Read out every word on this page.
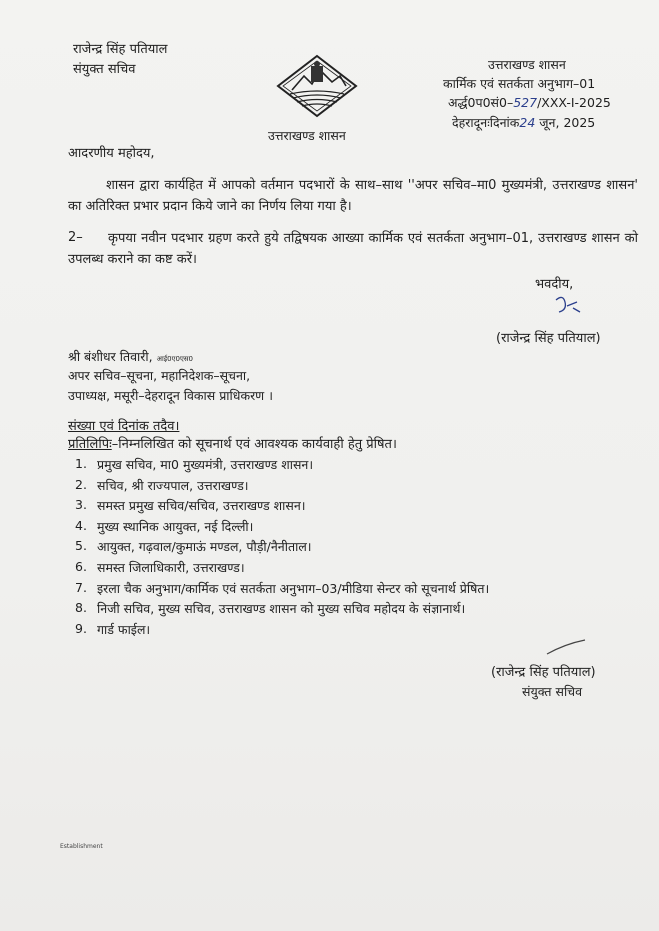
राजेन्द्र सिंह पतियाल
संयुक्त सचिव
उत्तराखण्ड शासन
उत्तराखण्ड शासन
कार्मिक एवं सतर्कता अनुभाग–01
अर्द्ध0प0सं0–527/XXX-I-2025
देहरादूनःदिनांक24 जून, 2025
आदरणीय महोदय,
शासन द्वारा कार्यहित में आपको वर्तमान पदभारों के साथ–साथ ''अपर सचिव–मा0 मुख्यमंत्री, उत्तराखण्ड शासन' का अतिरिक्त प्रभार प्रदान किये जाने का निर्णय लिया गया है।
2–	कृपया नवीन पदभार ग्रहण करते हुये तद्विषयक आख्या कार्मिक एवं सतर्कता अनुभाग–01, उत्तराखण्ड शासन को उपलब्ध कराने का कष्ट करें।
भवदीय,
(राजेन्द्र सिंह पतियाल)
श्री बंशीधर तिवारी, आई0ए0एस0
अपर सचिव–सूचना, महानिदेशक–सूचना,
उपाध्यक्ष, मसूरी–देहरादून विकास प्राधिकरण ।
संख्या एवं दिनांक तदैव।
प्रतिलिपिः–निम्नलिखित को सूचनार्थ एवं आवश्यक कार्यवाही हेतु प्रेषित।
1. प्रमुख सचिव, मा0 मुख्यमंत्री, उत्तराखण्ड शासन।
2. सचिव, श्री राज्यपाल, उत्तराखण्ड।
3. समस्त प्रमुख सचिव/सचिव, उत्तराखण्ड शासन।
4. मुख्य स्थानिक आयुक्त, नई दिल्ली।
5. आयुक्त, गढ़वाल/कुमाऊं मण्डल, पौड़ी/नैनीताल।
6. समस्त जिलाधिकारी, उत्तराखण्ड।
7. इरला चैक अनुभाग/कार्मिक एवं सतर्कता अनुभाग–03/मीडिया सेन्टर को सूचनार्थ प्रेषित।
8. निजी सचिव, मुख्य सचिव, उत्तराखण्ड शासन को मुख्य सचिव महोदय के संज्ञानार्थ।
9. गार्ड फाईल।
(राजेन्द्र सिंह पतियाल)
संयुक्त सचिव
Establishment
